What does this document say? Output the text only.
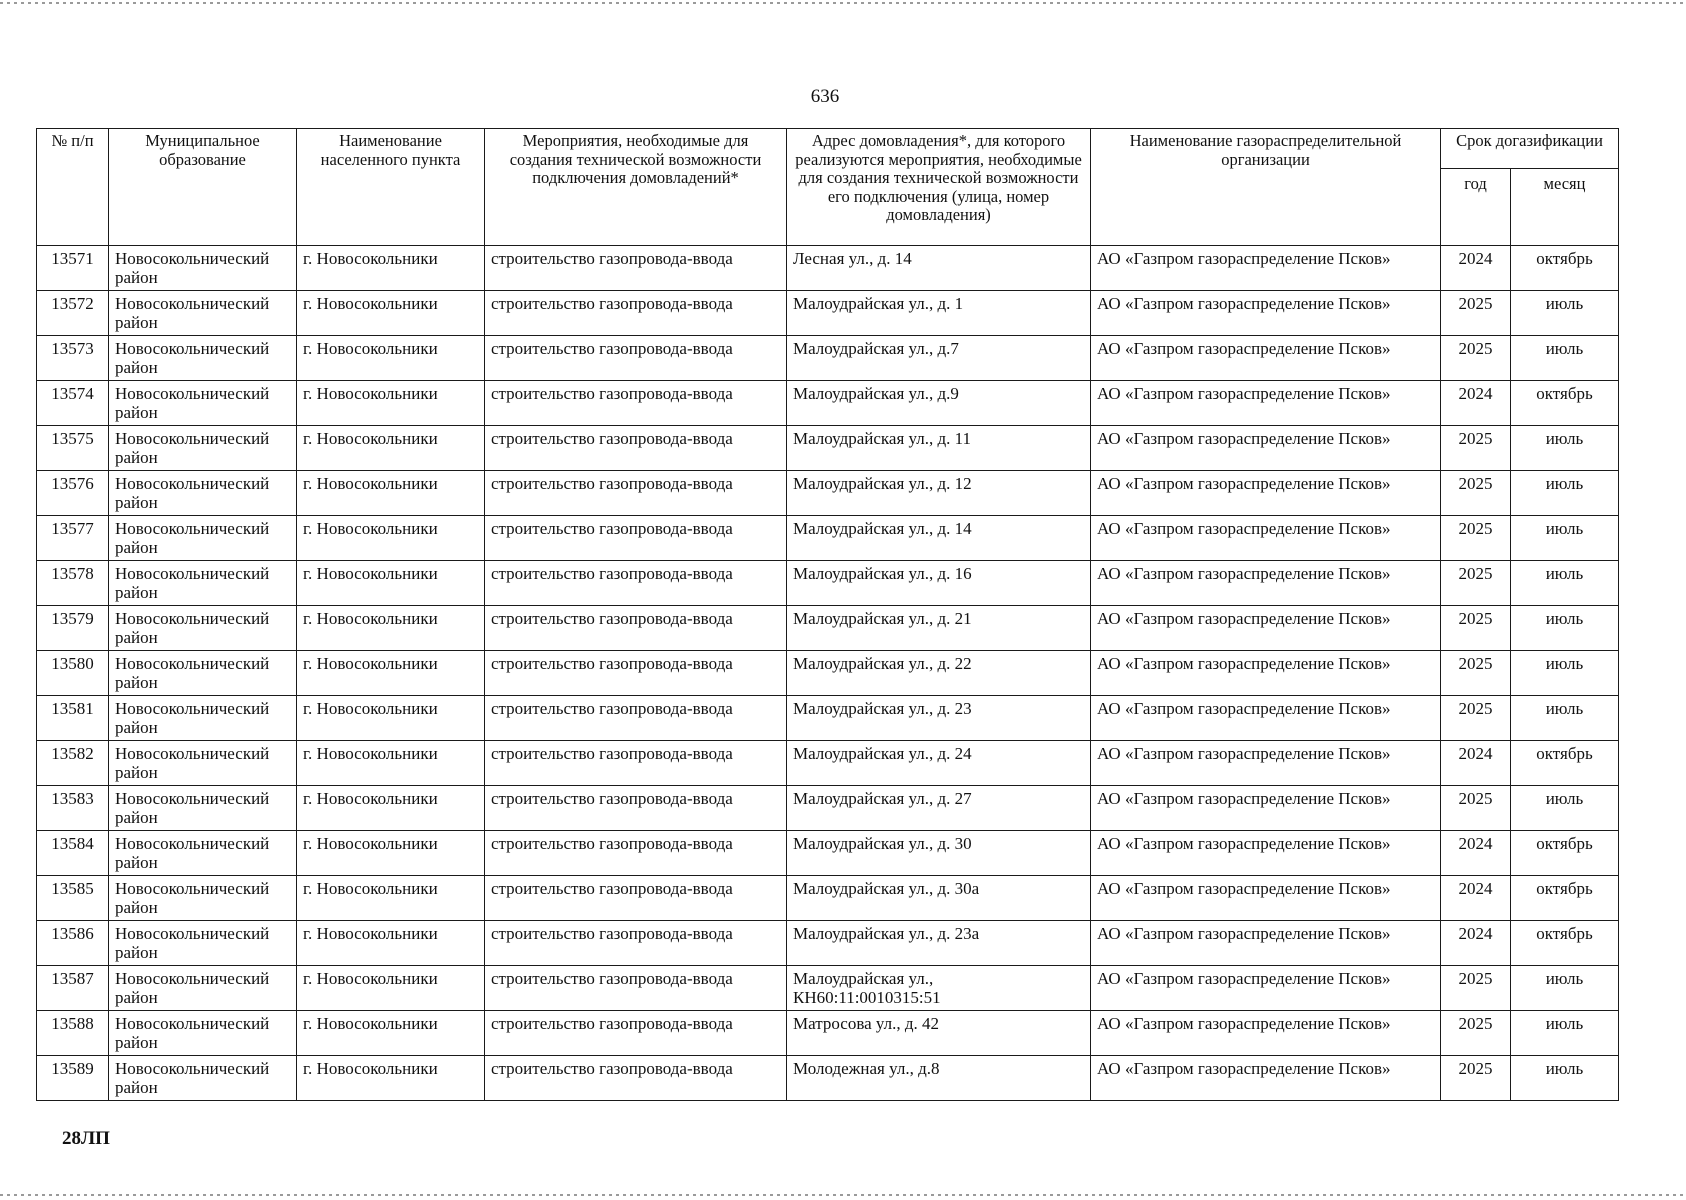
636
№ п/п	Муниципальное образование	Наименование населенного пункта	Мероприятия, необходимые для создания технической возможности подключения домовладений*	Адрес домовладения*, для которого реализуются мероприятия, необходимые для создания технической возможности его подключения (улица, номер домовладения)	Наименование газораспределительной организации	Срок догазификации	
						год	месяц
13571	Новосокольнический район	г. Новосокольники	строительство газопровода-ввода	Лесная ул., д. 14	АО «Газпром газораспределение Псков»	2024	октябрь
13572	Новосокольнический район	г. Новосокольники	строительство газопровода-ввода	Малоудрайская ул., д. 1	АО «Газпром газораспределение Псков»	2025	июль
13573	Новосокольнический район	г. Новосокольники	строительство газопровода-ввода	Малоудрайская ул., д.7	АО «Газпром газораспределение Псков»	2025	июль
13574	Новосокольнический район	г. Новосокольники	строительство газопровода-ввода	Малоудрайская ул., д.9	АО «Газпром газораспределение Псков»	2024	октябрь
13575	Новосокольнический район	г. Новосокольники	строительство газопровода-ввода	Малоудрайская ул., д. 11	АО «Газпром газораспределение Псков»	2025	июль
13576	Новосокольнический район	г. Новосокольники	строительство газопровода-ввода	Малоудрайская ул., д. 12	АО «Газпром газораспределение Псков»	2025	июль
13577	Новосокольнический район	г. Новосокольники	строительство газопровода-ввода	Малоудрайская ул., д. 14	АО «Газпром газораспределение Псков»	2025	июль
13578	Новосокольнический район	г. Новосокольники	строительство газопровода-ввода	Малоудрайская ул., д. 16	АО «Газпром газораспределение Псков»	2025	июль
13579	Новосокольнический район	г. Новосокольники	строительство газопровода-ввода	Малоудрайская ул., д. 21	АО «Газпром газораспределение Псков»	2025	июль
13580	Новосокольнический район	г. Новосокольники	строительство газопровода-ввода	Малоудрайская ул., д. 22	АО «Газпром газораспределение Псков»	2025	июль
13581	Новосокольнический район	г. Новосокольники	строительство газопровода-ввода	Малоудрайская ул., д. 23	АО «Газпром газораспределение Псков»	2025	июль
13582	Новосокольнический район	г. Новосокольники	строительство газопровода-ввода	Малоудрайская ул., д. 24	АО «Газпром газораспределение Псков»	2024	октябрь
13583	Новосокольнический район	г. Новосокольники	строительство газопровода-ввода	Малоудрайская ул., д. 27	АО «Газпром газораспределение Псков»	2025	июль
13584	Новосокольнический район	г. Новосокольники	строительство газопровода-ввода	Малоудрайская ул., д. 30	АО «Газпром газораспределение Псков»	2024	октябрь
13585	Новосокольнический район	г. Новосокольники	строительство газопровода-ввода	Малоудрайская ул., д. 30а	АО «Газпром газораспределение Псков»	2024	октябрь
13586	Новосокольнический район	г. Новосокольники	строительство газопровода-ввода	Малоудрайская ул., д. 23а	АО «Газпром газораспределение Псков»	2024	октябрь
13587	Новосокольнический район	г. Новосокольники	строительство газопровода-ввода	Малоудрайская ул., КН60:11:0010315:51	АО «Газпром газораспределение Псков»	2025	июль
13588	Новосокольнический район	г. Новосокольники	строительство газопровода-ввода	Матросова ул., д. 42	АО «Газпром газораспределение Псков»	2025	июль
13589	Новосокольнический район	г. Новосокольники	строительство газопровода-ввода	Молодежная ул., д.8	АО «Газпром газораспределение Псков»	2025	июль
28ЛП
